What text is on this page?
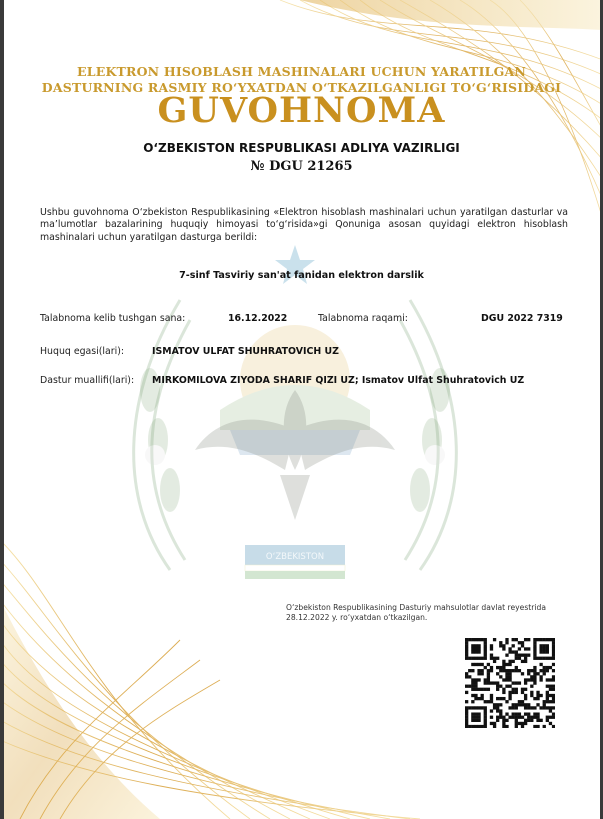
O‘ZBEKISTON
ELEKTRON HISOBLASH MASHINALARI UCHUN YARATILGAN
DASTURNING RASMIY RO‘YXATDAN O‘TKAZILGANLIGI TO‘G‘RISIDAGI
GUVOHNOMA
O‘ZBEKISTON RESPUBLIKASI ADLIYA VAZIRLIGI
№ DGU 21265
Ushbu guvohnoma O‘zbekiston Respublikasining «Elektron hisoblash mashinalari uchun yaratilgan dasturlar va ma’lumotlar bazalarining huquqiy himoyasi to‘g‘risida»gi Qonuniga asosan quyidagi elektron hisoblash mashinalari uchun yaratilgan dasturga berildi:
7-sinf Tasviriy san'at fanidan elektron darslik
Talabnoma kelib tushgan sana:	16.12.2022	Talabnoma raqami:	DGU 2022 7319
Huquq egasi(lari):	ISMATOV ULFAT SHUHRATOVICH UZ
Dastur muallifi(lari): MIRKOMILOVA ZIYODA SHARIF QIZI UZ; Ismatov Ulfat Shuhratovich UZ
O‘zbekiston Respublikasining Dasturiy mahsulotlar davlat reyestrida 28.12.2022 y. ro‘yxatdan o‘tkazilgan.
